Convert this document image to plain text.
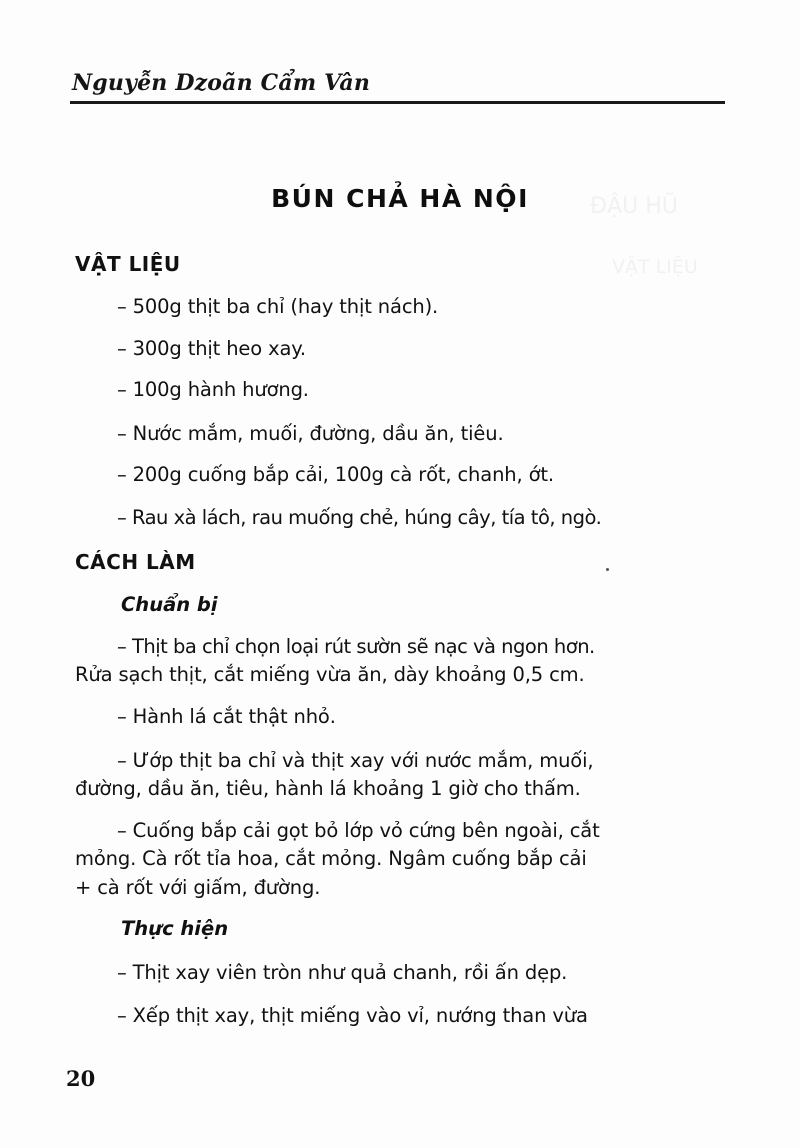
Nguyễn Dzoãn Cẩm Vân
BÚN CHẢ HÀ NỘI	ĐẬU HŨ
VẬT LIỆU
VẬT LIỆU
– 500g thịt ba chỉ (hay thịt nách).
– 300g thịt heo xay.
– 100g hành hương.
– Nước mắm, muối, đường, dầu ăn, tiêu.
– 200g cuống bắp cải, 100g cà rốt, chanh, ớt.
– Rau xà lách, rau muống chẻ, húng cây, tía tô, ngò.
CÁCH LÀM
Chuẩn bị
– Thịt ba chỉ chọn loại rút sườn sẽ nạc và ngon hơn.
Rửa sạch thịt, cắt miếng vừa ăn, dày khoảng 0,5 cm.
– Hành lá cắt thật nhỏ.
– Ướp thịt ba chỉ và thịt xay với nước mắm, muối,
đường, dầu ăn, tiêu, hành lá khoảng 1 giờ cho thấm.
– Cuống bắp cải gọt bỏ lớp vỏ cứng bên ngoài, cắt
mỏng. Cà rốt tỉa hoa, cắt mỏng. Ngâm cuống bắp cải
+ cà rốt với giấm, đường.
Thực hiện
– Thịt xay viên tròn như quả chanh, rồi ấn dẹp.
– Xếp thịt xay, thịt miếng vào vỉ, nướng than vừa
20
